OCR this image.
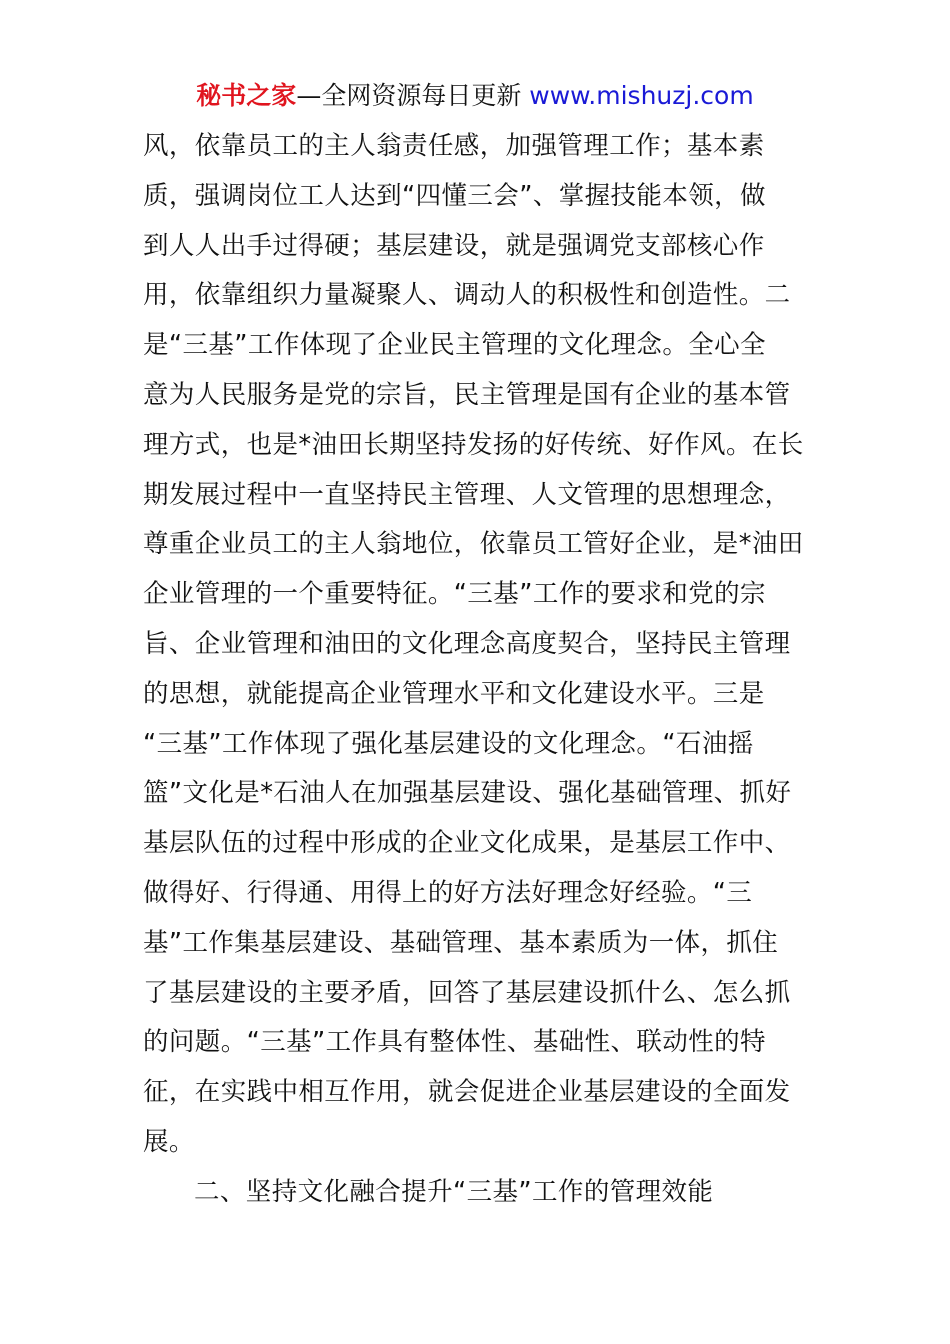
秘书之家—全网资源每日更新 www.mishuzj.com
风，依靠员工的主人翁责任感，加强管理工作；基本素
质，强调岗位工人达到“四懂三会”、掌握技能本领，做
到人人出手过得硬；基层建设，就是强调党支部核心作
用，依靠组织力量凝聚人、调动人的积极性和创造性。二
是“三基”工作体现了企业民主管理的文化理念。全心全
意为人民服务是党的宗旨，民主管理是国有企业的基本管
理方式，也是*油田长期坚持发扬的好传统、好作风。在长
期发展过程中一直坚持民主管理、人文管理的思想理念，
尊重企业员工的主人翁地位，依靠员工管好企业，是*油田
企业管理的一个重要特征。“三基”工作的要求和党的宗
旨、企业管理和油田的文化理念高度契合，坚持民主管理
的思想，就能提高企业管理水平和文化建设水平。三是
“三基”工作体现了强化基层建设的文化理念。“石油摇
篮”文化是*石油人在加强基层建设、强化基础管理、抓好
基层队伍的过程中形成的企业文化成果，是基层工作中、
做得好、行得通、用得上的好方法好理念好经验。“三
基”工作集基层建设、基础管理、基本素质为一体，抓住
了基层建设的主要矛盾，回答了基层建设抓什么、怎么抓
的问题。“三基”工作具有整体性、基础性、联动性的特
征，在实践中相互作用，就会促进企业基层建设的全面发
展。
二、坚持文化融合提升“三基”工作的管理效能
